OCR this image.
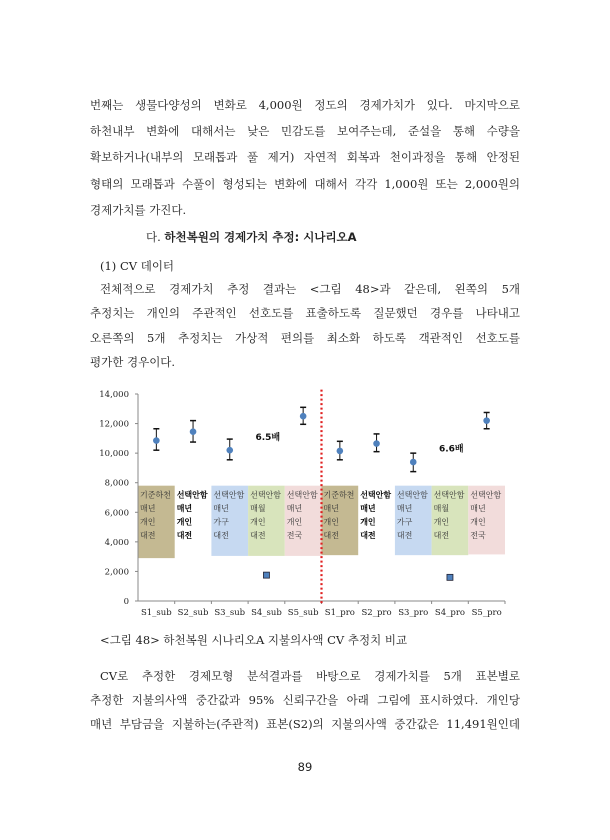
번째는 생물다양성의 변화로 4,000원 정도의 경제가치가 있다. 마지막으로
하천내부 변화에 대해서는 낮은 민감도를 보여주는데, 준설을 통해 수량을
확보하거나(내부의 모래톱과 풀 제거) 자연적 회복과 천이과정을 통해 안정된
형태의 모래톱과 수풀이 형성되는 변화에 대해서 각각 1,000원 또는 2,000원의
경제가치를 가진다.
다. 하천복원의 경제가치 추정: 시나리오A
(1) CV 데이터
전체적으로 경제가치 추정 결과는 <그림 48>과 같은데, 왼쪽의 5개
추정치는 개인의 주관적인 선호도를 표출하도록 질문했던 경우를 나타내고
오른쪽의 5개 추정치는 가상적 편의를 최소화 하도록 객관적인 선호도를
평가한 경우이다.
기준하천
매년
개인
대전
선택안함
매년
개인
대전
선택안함
매년
가구
대전
선택안함
매월
개인
대전
선택안함
매년
개인
전국
기준하천
매년
개인
대전
선택안함
매년
개인
대전
선택안함
매년
가구
대전
선택안함
매월
개인
대전
선택안함
매년
개인
전국
0
2,000
4,000
6,000
8,000
10,000
12,000
14,000
S1_sub S2_sub S3_sub S4_sub S5_sub S1_pro S2_pro S3_pro S4_pro S5_pro
6.5배
6.6배
<그림 48> 하천복원 시나리오A 지불의사액 CV 추정치 비교
CV로 추정한 경제모형 분석결과를 바탕으로 경제가치를 5개 표본별로
추정한 지불의사액 중간값과 95% 신뢰구간을 아래 그림에 표시하였다. 개인당
매년 부담금을 지불하는(주관적) 표본(S2)의 지불의사액 중간값은 11,491원인데
89
